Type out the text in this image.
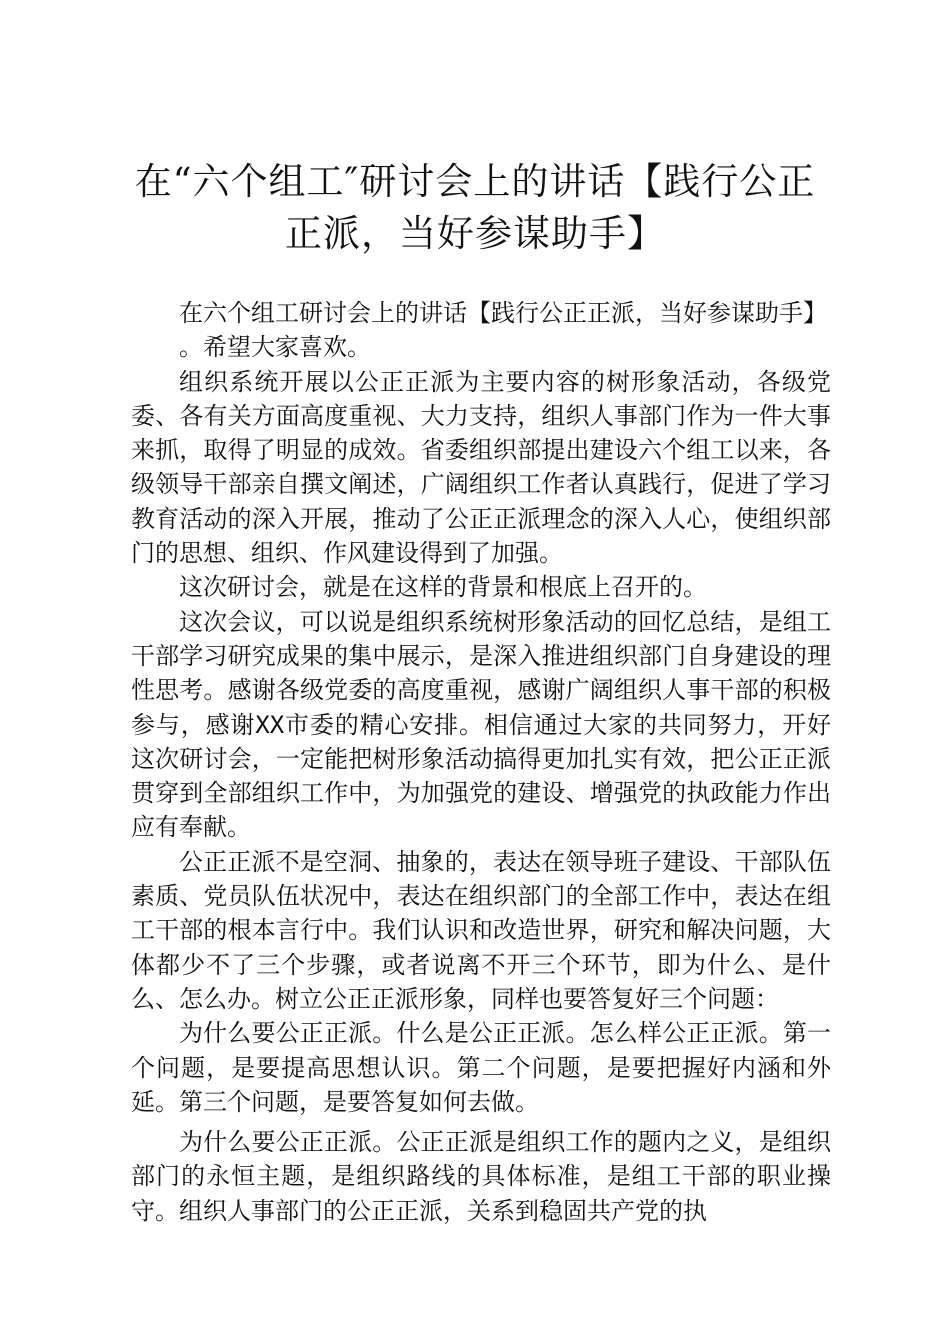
在“六个组工″研讨会上的讲话【践行公正正派，当好参谋助手】

在六个组工研讨会上的讲话【践行公正正派，当好参谋助手】

。希望大家喜欢。

组织系统开展以公正正派为主要内容的树形象活动，各级党委、各有关方面高度重视、大力支持，组织人事部门作为一件大事来抓，取得了明显的成效。省委组织部提出建设六个组工以来，各级领导干部亲自撰文阐述，广阔组织工作者认真践行，促进了学习教育活动的深入开展，推动了公正正派理念的深入人心，使组织部门的思想、组织、作风建设得到了加强。

这次研讨会，就是在这样的背景和根底上召开的。

这次会议，可以说是组织系统树形象活动的回忆总结，是组工干部学习研究成果的集中展示，是深入推进组织部门自身建设的理性思考。感谢各级党委的高度重视，感谢广阔组织人事干部的积极参与，感谢XX市委的精心安排。相信通过大家的共同努力，开好这次研讨会，一定能把树形象活动搞得更加扎实有效，把公正正派贯穿到全部组织工作中，为加强党的建设、增强党的执政能力作出应有奉献。

公正正派不是空洞、抽象的，表达在领导班子建设、干部队伍素质、党员队伍状况中，表达在组织部门的全部工作中，表达在组工干部的根本言行中。我们认识和改造世界，研究和解决问题，大体都少不了三个步骤，或者说离不开三个环节，即为什么、是什么、怎么办。树立公正正派形象，同样也要答复好三个问题：

为什么要公正正派。什么是公正正派。怎么样公正正派。第一个问题，是要提高思想认识。第二个问题，是要把握好内涵和外延。第三个问题，是要答复如何去做。

为什么要公正正派。公正正派是组织工作的题内之义，是组织部门的永恒主题，是组织路线的具体标准，是组工干部的职业操守。组织人事部门的公正正派，关系到稳固共产党的执
